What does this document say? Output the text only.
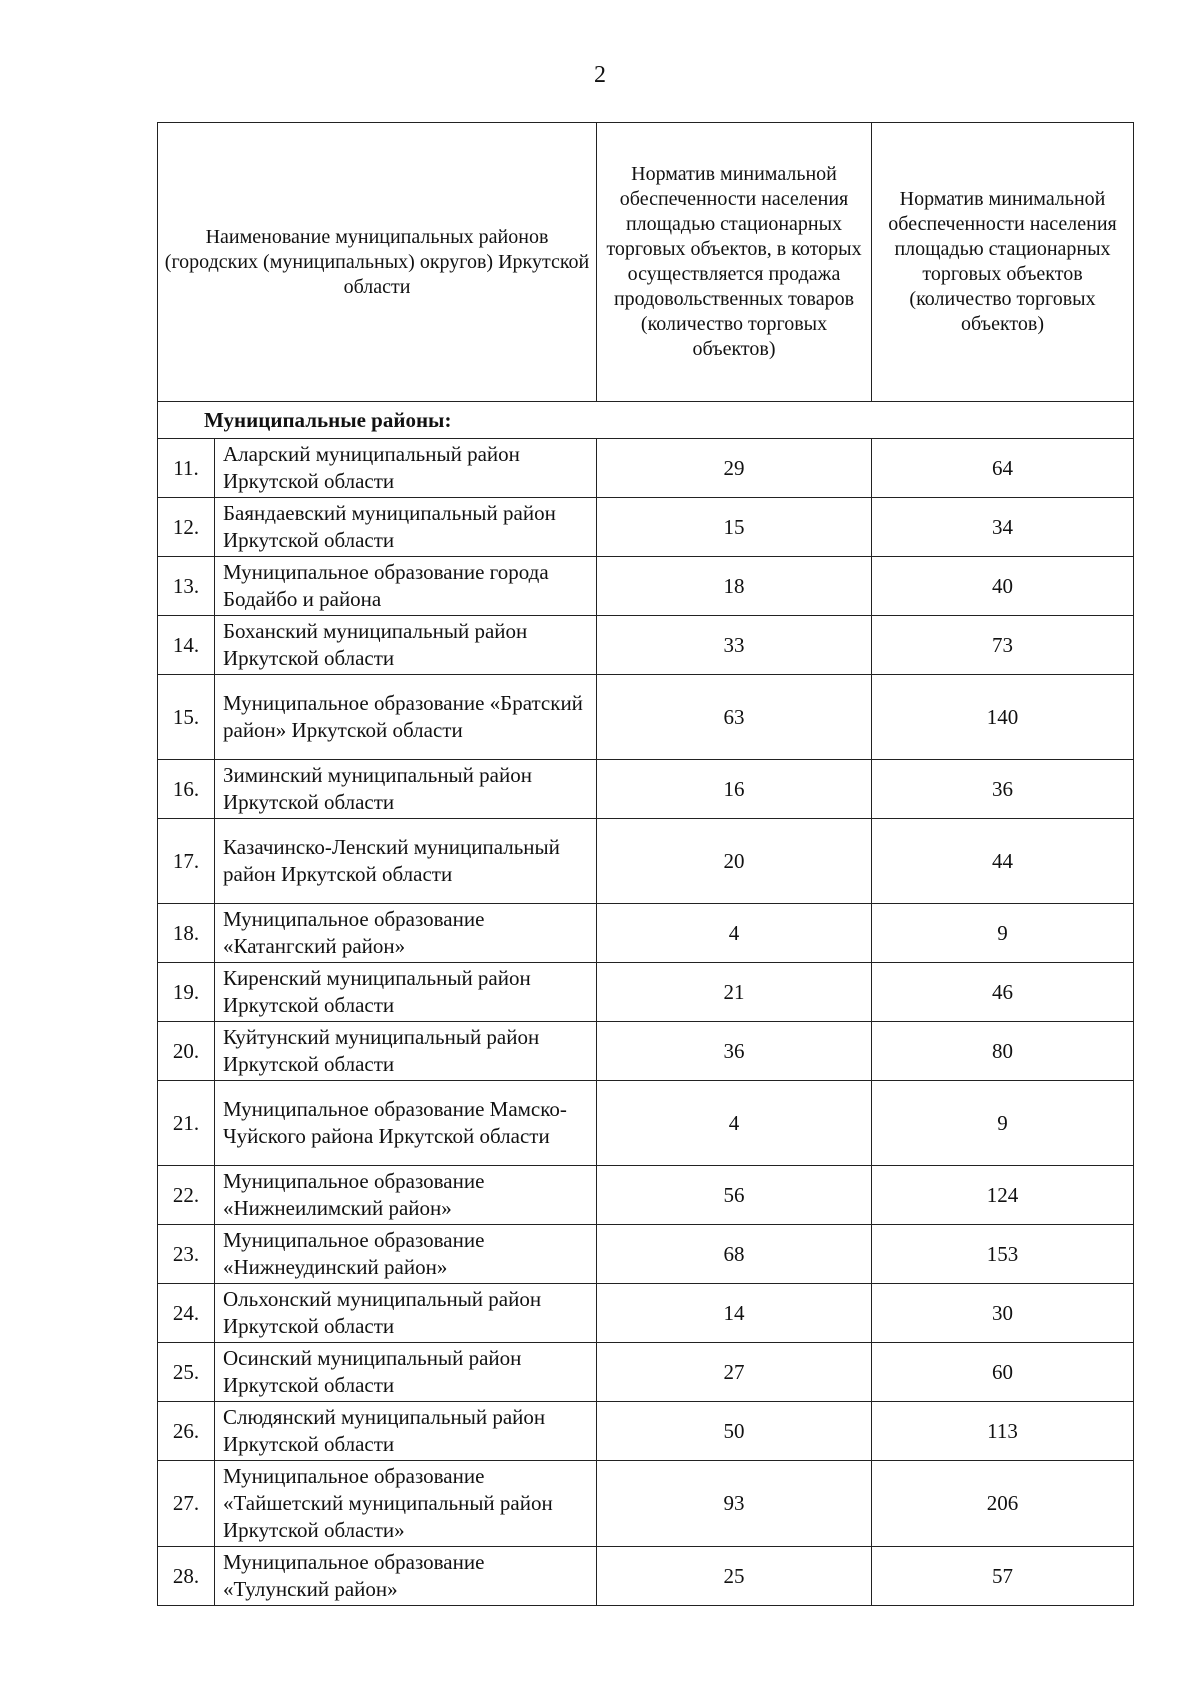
2
Наименование муниципальных районов (городских (муниципальных) округов) Иркутской области		Норматив минимальной обеспеченности населения площадью стационарных торговых объектов, в которых осуществляется продажа продовольственных товаров (количество торговых объектов)	Норматив минимальной обеспеченности населения площадью стационарных торговых объектов (количество торговых объектов)
Муниципальные районы:			
11.	Аларский муниципальный район Иркутской области	29	64
12.	Баяндаевский муниципальный район Иркутской области	15	34
13.	Муниципальное образование города Бодайбо и района	18	40
14.	Боханский муниципальный район Иркутской области	33	73
15.	Муниципальное образование «Братский район» Иркутской области	63	140
16.	Зиминский муниципальный район Иркутской области	16	36
17.	Казачинско-Ленский муниципальный район Иркутской области	20	44
18.	Муниципальное образование «Катангский район»	4	9
19.	Киренский муниципальный район Иркутской области	21	46
20.	Куйтунский муниципальный район Иркутской области	36	80
21.	Муниципальное образование Мамско-Чуйского района Иркутской области	4	9
22.	Муниципальное образование «Нижнеилимский район»	56	124
23.	Муниципальное образование «Нижнеудинский район»	68	153
24.	Ольхонский муниципальный район Иркутской области	14	30
25.	Осинский муниципальный район Иркутской области	27	60
26.	Слюдянский муниципальный район Иркутской области	50	113
27.	Муниципальное образование «Тайшетский муниципальный район Иркутской области»	93	206
28.	Муниципальное образование «Тулунский район»	25	57
